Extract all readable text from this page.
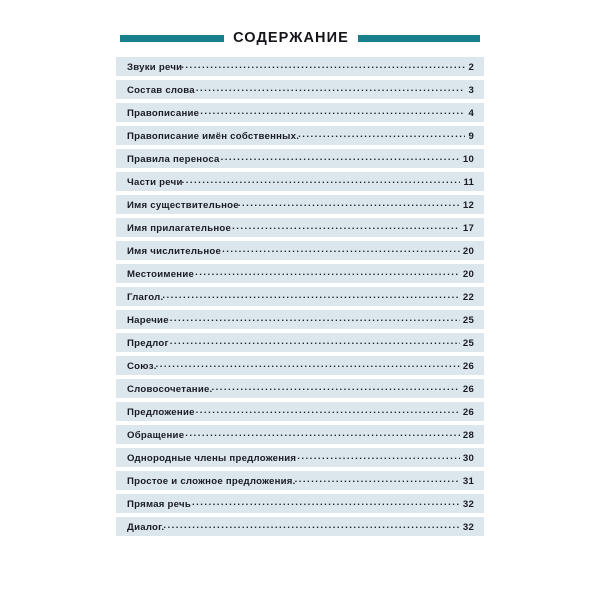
СОДЕРЖАНИЕ
Звуки речи . . .	2
Состав слова . . .	3
Правописание . . .	4
Правописание имён собственных. . . .	9
Правила переноса . . .	10
Части речи . . .	11
Имя существительное . . .	12
Имя прилагательное . . .	17
Имя числительное . . .	20
Местоимение . . .	20
Глагол. . . .	22
Наречие . . .	25
Предлог . . .	25
Союз. . . .	26
Словосочетание. . . .	26
Предложение . . .	26
Обращение . . .	28
Однородные члены предложения . . .	30
Простое и сложное предложения. . . .	31
Прямая речь . . .	32
Диалог. . . .	32
